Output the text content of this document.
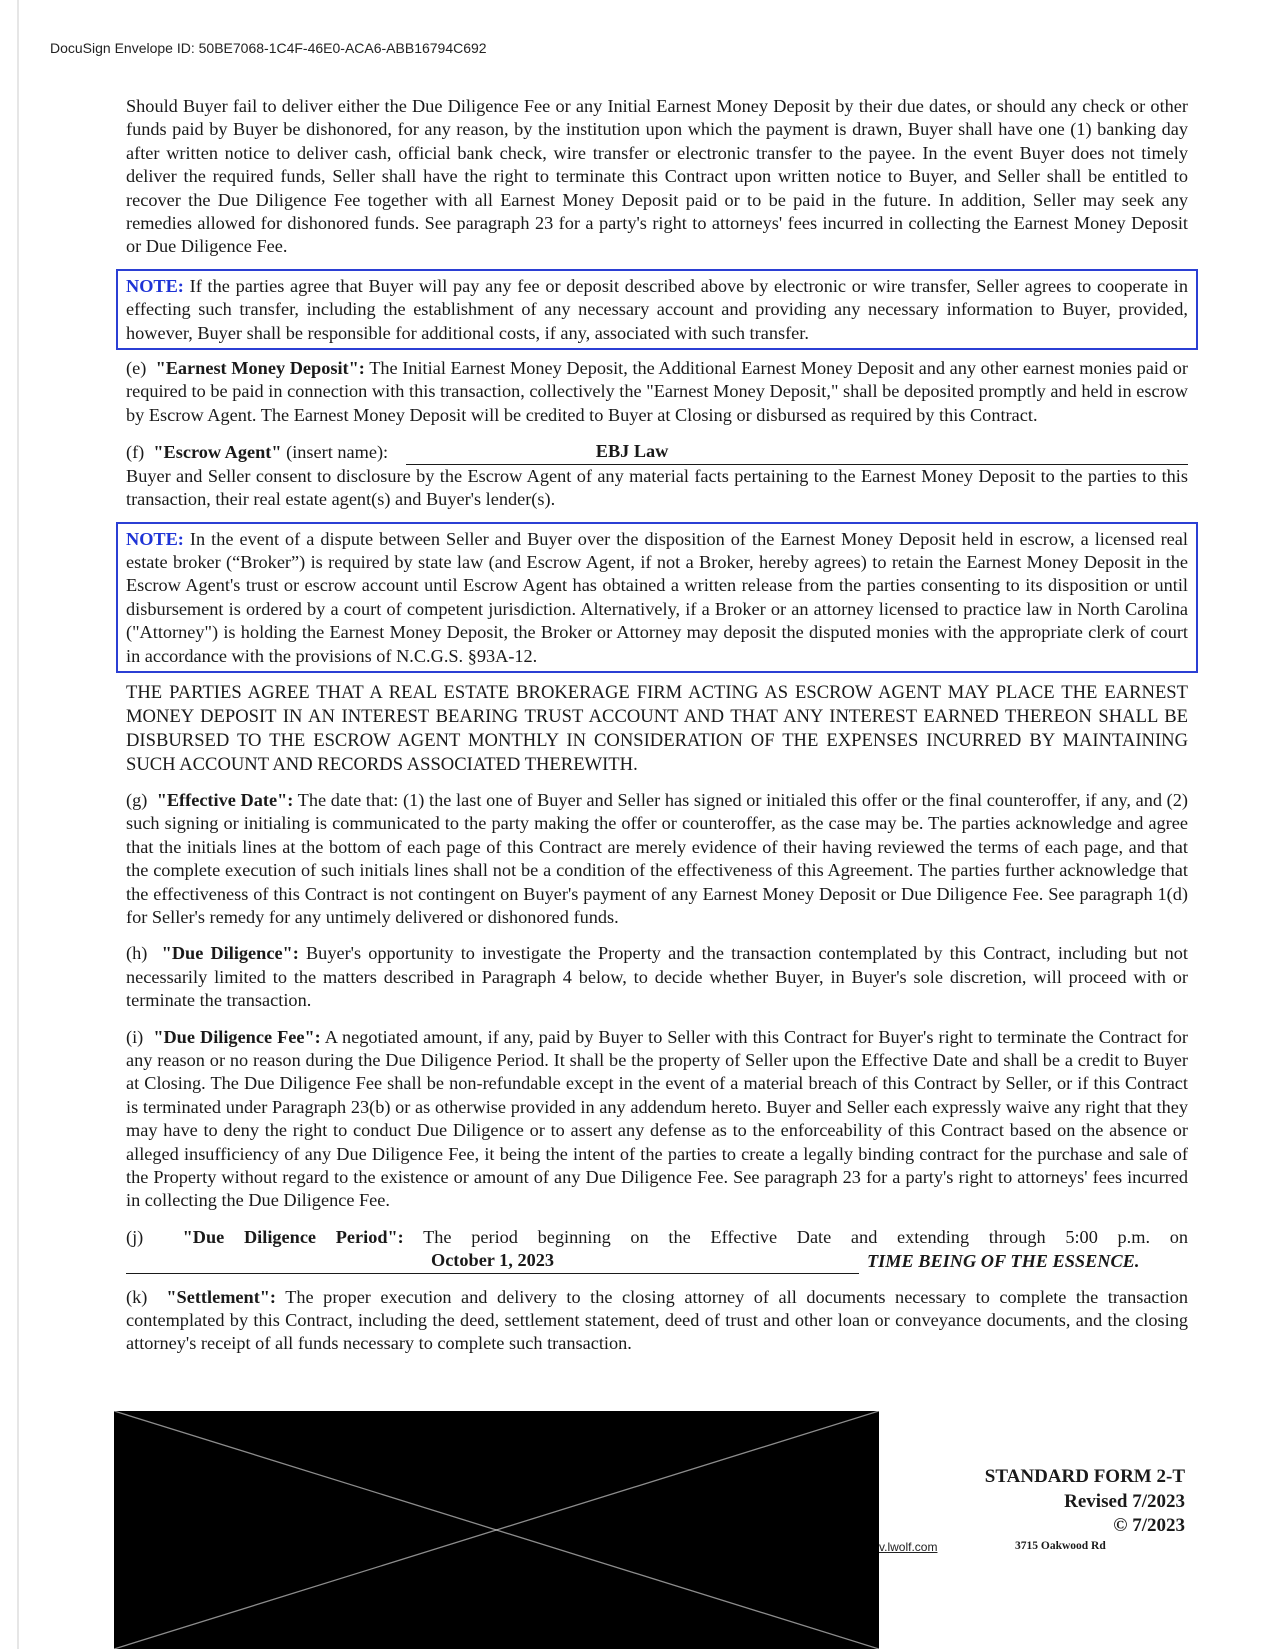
DocuSign Envelope ID: 50BE7068-1C4F-46E0-ACA6-ABB16794C692

Should Buyer fail to deliver either the Due Diligence Fee or any Initial Earnest Money Deposit by their due dates, or should any check or other funds paid by Buyer be dishonored, for any reason, by the institution upon which the payment is drawn, Buyer shall have one (1) banking day after written notice to deliver cash, official bank check, wire transfer or electronic transfer to the payee. In the event Buyer does not timely deliver the required funds, Seller shall have the right to terminate this Contract upon written notice to Buyer, and Seller shall be entitled to recover the Due Diligence Fee together with all Earnest Money Deposit paid or to be paid in the future. In addition, Seller may seek any remedies allowed for dishonored funds. See paragraph 23 for a party's right to attorneys' fees incurred in collecting the Earnest Money Deposit or Due Diligence Fee.

NOTE: If the parties agree that Buyer will pay any fee or deposit described above by electronic or wire transfer, Seller agrees to cooperate in effecting such transfer, including the establishment of any necessary account and providing any necessary information to Buyer, provided, however, Buyer shall be responsible for additional costs, if any, associated with such transfer.

(e) "Earnest Money Deposit": The Initial Earnest Money Deposit, the Additional Earnest Money Deposit and any other earnest monies paid or required to be paid in connection with this transaction, collectively the "Earnest Money Deposit," shall be deposited promptly and held in escrow by Escrow Agent. The Earnest Money Deposit will be credited to Buyer at Closing or disbursed as required by this Contract.

(f)
"Escrow Agent"
(insert name):	EBJ Law

Buyer and Seller consent to disclosure by the Escrow Agent of any material facts pertaining to the Earnest Money Deposit to the parties to this transaction, their real estate agent(s) and Buyer's lender(s).

NOTE: In the event of a dispute between Seller and Buyer over the disposition of the Earnest Money Deposit held in escrow, a licensed real estate broker (“Broker”) is required by state law (and Escrow Agent, if not a Broker, hereby agrees) to retain the Earnest Money Deposit in the Escrow Agent's trust or escrow account until Escrow Agent has obtained a written release from the parties consenting to its disposition or until disbursement is ordered by a court of competent jurisdiction. Alternatively, if a Broker or an attorney licensed to practice law in North Carolina ("Attorney") is holding the Earnest Money Deposit, the Broker or Attorney may deposit the disputed monies with the appropriate clerk of court in accordance with the provisions of N.C.G.S. §93A-12.

THE PARTIES AGREE THAT A REAL ESTATE BROKERAGE FIRM ACTING AS ESCROW AGENT MAY PLACE THE EARNEST MONEY DEPOSIT IN AN INTEREST BEARING TRUST ACCOUNT AND THAT ANY INTEREST EARNED THEREON SHALL BE DISBURSED TO THE ESCROW AGENT MONTHLY IN CONSIDERATION OF THE EXPENSES INCURRED BY MAINTAINING SUCH ACCOUNT AND RECORDS ASSOCIATED THEREWITH.

(g) "Effective Date": The date that: (1) the last one of Buyer and Seller has signed or initialed this offer or the final counteroffer, if any, and (2) such signing or initialing is communicated to the party making the offer or counteroffer, as the case may be. The parties acknowledge and agree that the initials lines at the bottom of each page of this Contract are merely evidence of their having reviewed the terms of each page, and that the complete execution of such initials lines shall not be a condition of the effectiveness of this Agreement. The parties further acknowledge that the effectiveness of this Contract is not contingent on Buyer's payment of any Earnest Money Deposit or Due Diligence Fee. See paragraph 1(d) for Seller's remedy for any untimely delivered or dishonored funds.

(h) "Due Diligence": Buyer's opportunity to investigate the Property and the transaction contemplated by this Contract, including but not necessarily limited to the matters described in Paragraph 4 below, to decide whether Buyer, in Buyer's sole discretion, will proceed with or terminate the transaction.

(i) "Due Diligence Fee": A negotiated amount, if any, paid by Buyer to Seller with this Contract for Buyer's right to terminate the Contract for any reason or no reason during the Due Diligence Period. It shall be the property of Seller upon the Effective Date and shall be a credit to Buyer at Closing. The Due Diligence Fee shall be non-refundable except in the event of a material breach of this Contract by Seller, or if this Contract is terminated under Paragraph 23(b) or as otherwise provided in any addendum hereto. Buyer and Seller each expressly waive any right that they may have to deny the right to conduct Due Diligence or to assert any defense as to the enforceability of this Contract based on the absence or alleged insufficiency of any Due Diligence Fee, it being the intent of the parties to create a legally binding contract for the purchase and sale of the Property without regard to the existence or amount of any Due Diligence Fee. See paragraph 23 for a party's right to attorneys' fees incurred in collecting the Due Diligence Fee.

(j) "Due Diligence Period": The period beginning on the Effective Date and extending through 5:00 p.m. on

October 1, 2023	TIME BEING OF THE ESSENCE.

(k) "Settlement": The proper execution and delivery to the closing attorney of all documents necessary to complete the transaction contemplated by this Contract, including the deed, settlement statement, deed of trust and other loan or conveyance documents, and the closing attorney's receipt of all funds necessary to complete such transaction.

v.lwolf.com	3715 Oakwood Rd
STANDARD FORM 2-T
Revised 7/2023
© 7/2023
